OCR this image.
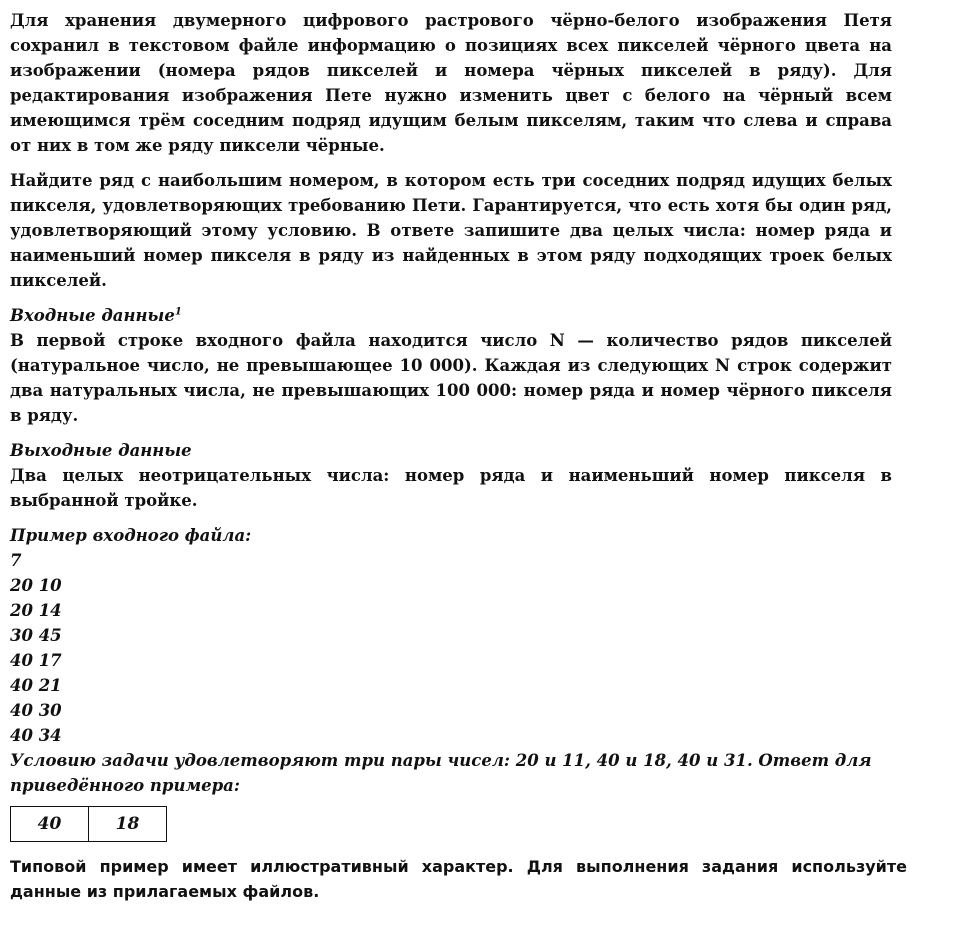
Для хранения двумерного цифрового растрового чёрно-белого изображения Петя сохранил в текстовом файле информацию о позициях всех пикселей чёрного цвета на изображении (номера рядов пикселей и номера чёрных пикселей в ряду). Для редактирования изображения Пете нужно изменить цвет с белого на чёрный всем имеющимся трём соседним подряд идущим белым пикселям, таким что слева и справа от них в том же ряду пиксели чёрные.

Найдите ряд с наибольшим номером, в котором есть три соседних подряд идущих белых пикселя, удовлетворяющих требованию Пети. Гарантируется, что есть хотя бы один ряд, удовлетворяющий этому условию. В ответе запишите два целых числа: номер ряда и наименьший номер пикселя в ряду из найденных в этом ряду подходящих троек белых пикселей.

Входные данные$^1$

В первой строке входного файла находится число N — количество рядов пикселей (натуральное число, не превышающее 10 000). Каждая из следующих N строк содержит два натуральных числа, не превышающих 100 000: номер ряда и номер чёрного пикселя в ряду.

Выходные данные

Два целых неотрицательных числа: номер ряда и наименьший номер пикселя в выбранной тройке.

Пример входного файла:

7

20 10

20 14

30 45

40 17

40 21

40 30

40 34

Условию задачи удовлетворяют три пары чисел: 20 и 11, 40 и 18, 40 и 31. Ответ для приведённого примера:

40	18

Типовой пример имеет иллюстративный характер. Для выполнения задания используйте данные из прилагаемых файлов.
